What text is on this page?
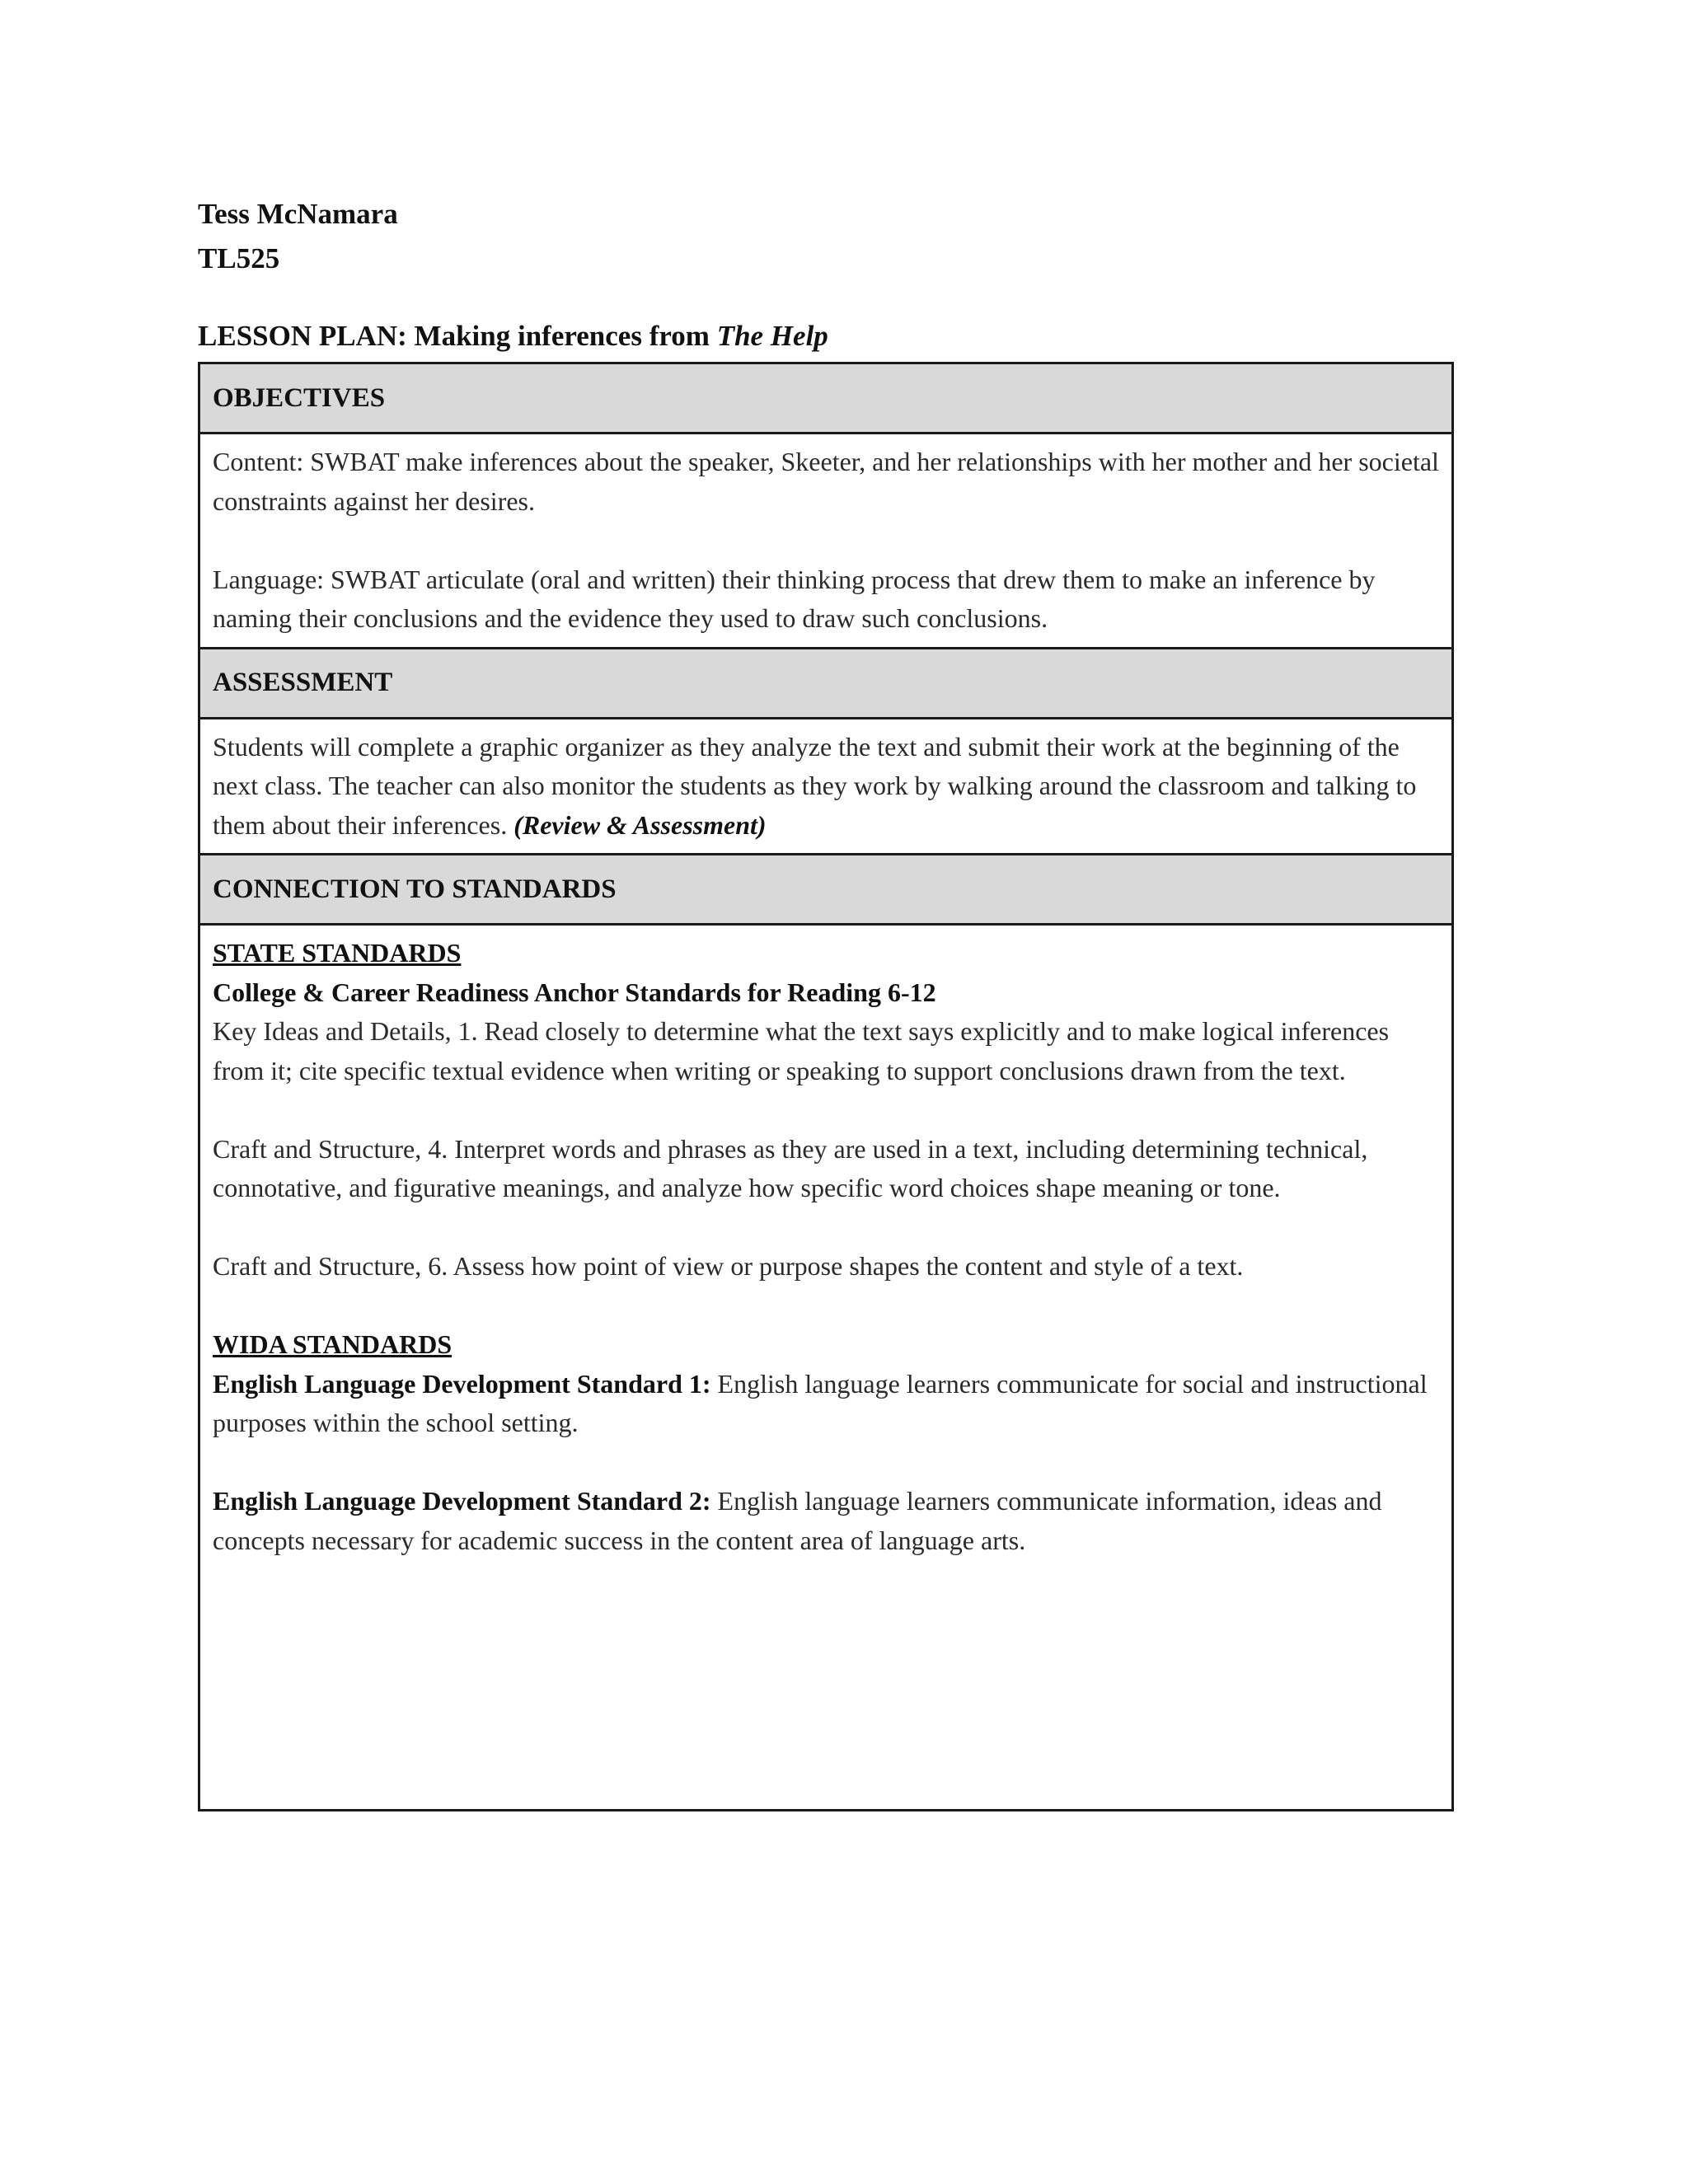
Tess McNamara
TL525
LESSON PLAN: Making inferences from The Help
OBJECTIVES

Content: SWBAT make inferences about the speaker, Skeeter, and her relationships with her mother and her societal constraints against her desires.

Language: SWBAT articulate (oral and written) their thinking process that drew them to make an inference by naming their conclusions and the evidence they used to draw such conclusions.

ASSESSMENT

Students will complete a graphic organizer as they analyze the text and submit their work at the beginning of the next class. The teacher can also monitor the students as they work by walking around the classroom and talking to them about their inferences. (Review & Assessment)

CONNECTION TO STANDARDS

STATE STANDARDS

College & Career Readiness Anchor Standards for Reading 6-12

Key Ideas and Details, 1. Read closely to determine what the text says explicitly and to make logical inferences from it; cite specific textual evidence when writing or speaking to support conclusions drawn from the text.

Craft and Structure, 4. Interpret words and phrases as they are used in a text, including determining technical, connotative, and figurative meanings, and analyze how specific word choices shape meaning or tone.

Craft and Structure, 6. Assess how point of view or purpose shapes the content and style of a text.

WIDA STANDARDS

English Language Development Standard 1: English language learners communicate for social and instructional purposes within the school setting.

English Language Development Standard 2: English language learners communicate information, ideas and concepts necessary for academic success in the content area of language arts.
